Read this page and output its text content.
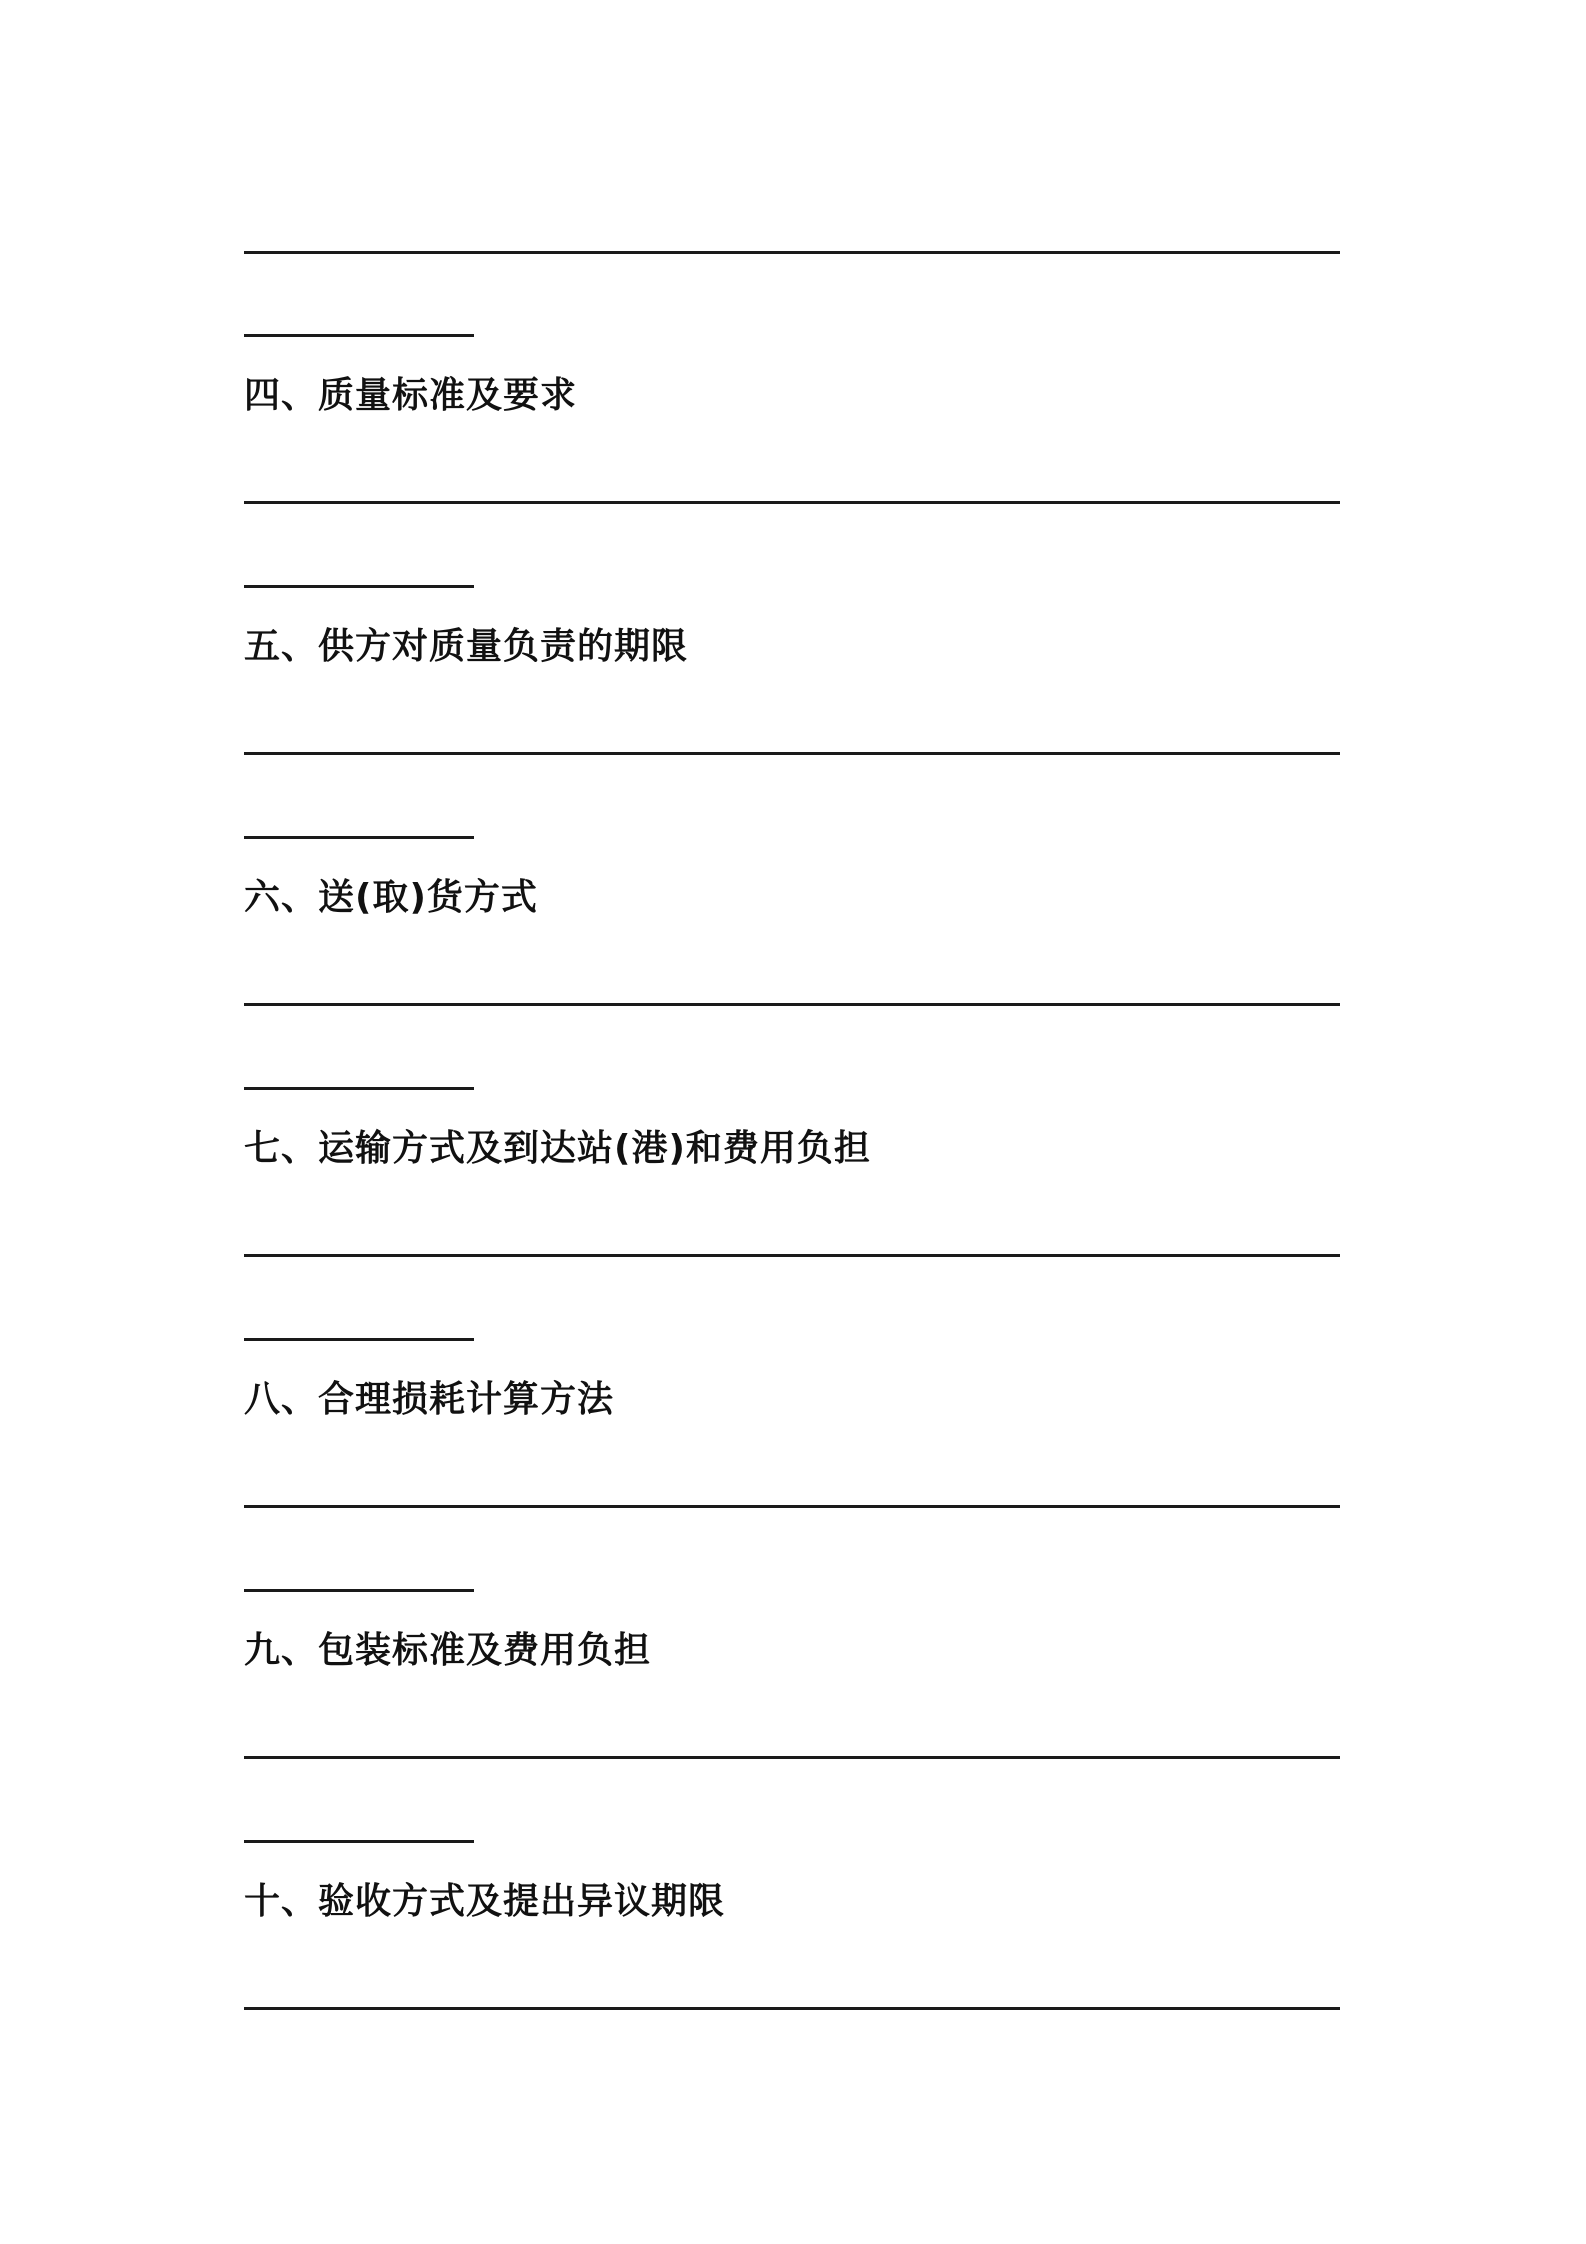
四、质量标准及要求
五、供方对质量负责的期限
六、送(取)货方式
七、运输方式及到达站(港)和费用负担
八、合理损耗计算方法
九、包装标准及费用负担
十、验收方式及提出异议期限
